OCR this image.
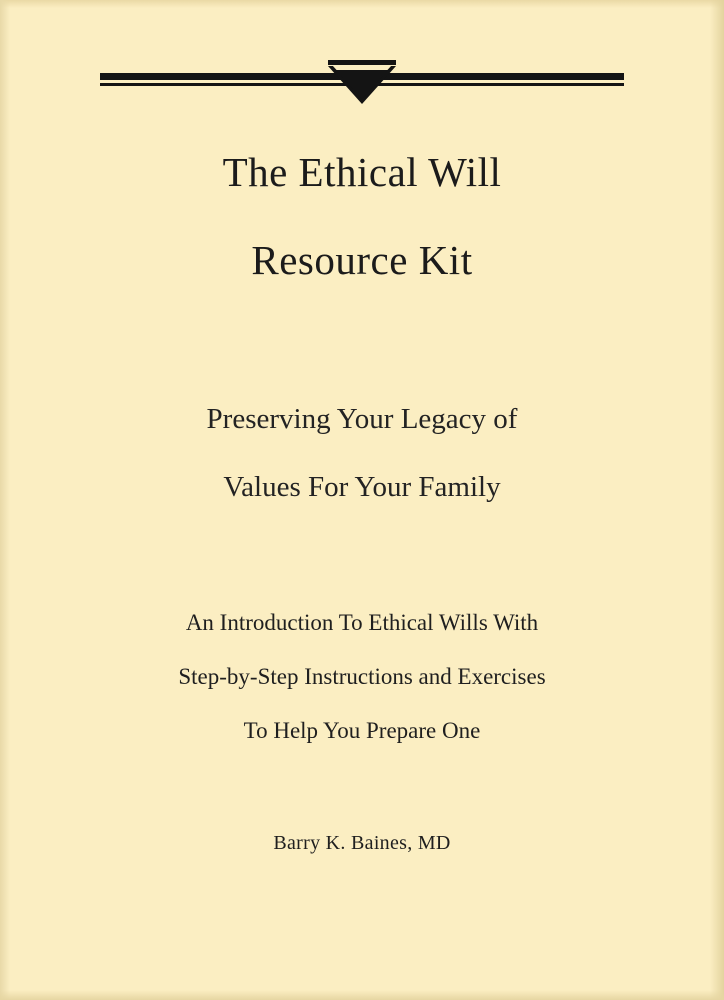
The Ethical Will
Resource Kit
Preserving Your Legacy of
Values For Your Family
An Introduction To Ethical Wills With
Step-by-Step Instructions and Exercises
To Help You Prepare One
Barry K. Baines, MD
